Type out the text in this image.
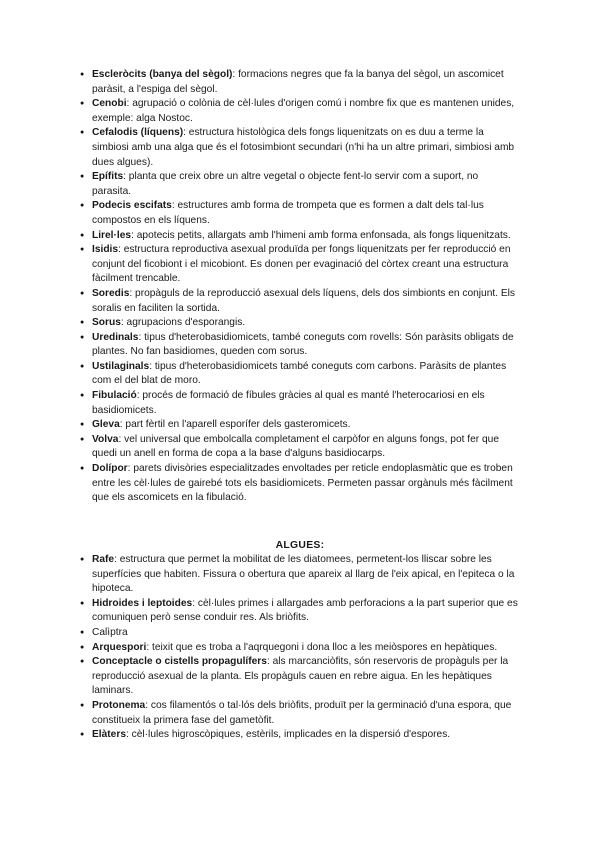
● Escleròcits (banya del sègol): formacions negres que fa la banya del sègol, un ascomicet paràsit, a l'espiga del sègol.
● Cenobi: agrupació o colònia de cèl·lules d'origen comú i nombre fix que es mantenen unides, exemple: alga Nostoc.
● Cefalodis (líquens): estructura histològica dels fongs liquenitzats on es duu a terme la simbiosi amb una alga que és el fotosimbiont secundari (n'hi ha un altre primari, simbiosi amb dues algues).
● Epífits: planta que creix obre un altre vegetal o objecte fent-lo servir com a suport, no parasita.
● Podecis escifats: estructures amb forma de trompeta que es formen a dalt dels tal·lus compostos en els líquens.
● Lirel·les: apotecis petits, allargats amb l'himeni amb forma enfonsada, als fongs liquenitzats.
● Isidis: estructura reproductiva asexual produïda per fongs liquenitzats per fer reproducció en conjunt del ficobiont i el micobiont. Es donen per evaginació del còrtex creant una estructura fàcilment trencable.
● Soredis: propàguls de la reproducció asexual dels líquens, dels dos simbionts en conjunt. Els soralis en faciliten la sortida.
● Sorus: agrupacions d'esporangis.
● Uredinals: tipus d'heterobasidiomicets, també coneguts com rovells: Són paràsits obligats de plantes. No fan basidiomes, queden com sorus.
● Ustilaginals: tipus d'heterobasidiomicets també coneguts com carbons. Paràsits de plantes com el del blat de moro.
● Fibulació: procés de formació de fíbules gràcies al qual es manté l'heterocariosi en els basidiomicets.
● Gleva: part fèrtil en l'aparell esporífer dels gasteromicets.
● Volva: vel universal que embolcalla completament el carpòfor en alguns fongs, pot fer que quedi un anell en forma de copa a la base d'alguns basidiocarps.
● Dolípor: parets divisòries especialitzades envoltades per reticle endoplasmàtic que es troben entre les cèl·lules de gairebé tots els basidiomicets. Permeten passar orgànuls més fàcilment que els ascomicets en la fibulació.
ALGUES:
● Rafe: estructura que permet la mobilitat de les diatomees, permetent-los lliscar sobre les superfícies que habiten. Fissura o obertura que apareix al llarg de l'eix apical, en l'epiteca o la hipoteca.
● Hidroides i leptoides: cèl·lules primes i allargades amb perforacions a la part superior que es comuniquen però sense conduir res. Als briòfits.
● Calìptra
● Arquespori: teixit que es troba a l'aqrquegoni i dona lloc a les meiòspores en hepàtiques.
● Conceptacle o cistells propagulífers: als marcanciòfits, són reservoris de propàguls per la reproducció asexual de la planta. Els propàguls cauen en rebre aigua. En les hepàtiques laminars.
● Protonema: cos filamentós o tal·lós dels briòfits, produït per la germinació d'una espora, que constitueix la primera fase del gametòfit.
● Elàters: cèl·lules higroscòpiques, estèrils, implicades en la dispersió d'espores.
